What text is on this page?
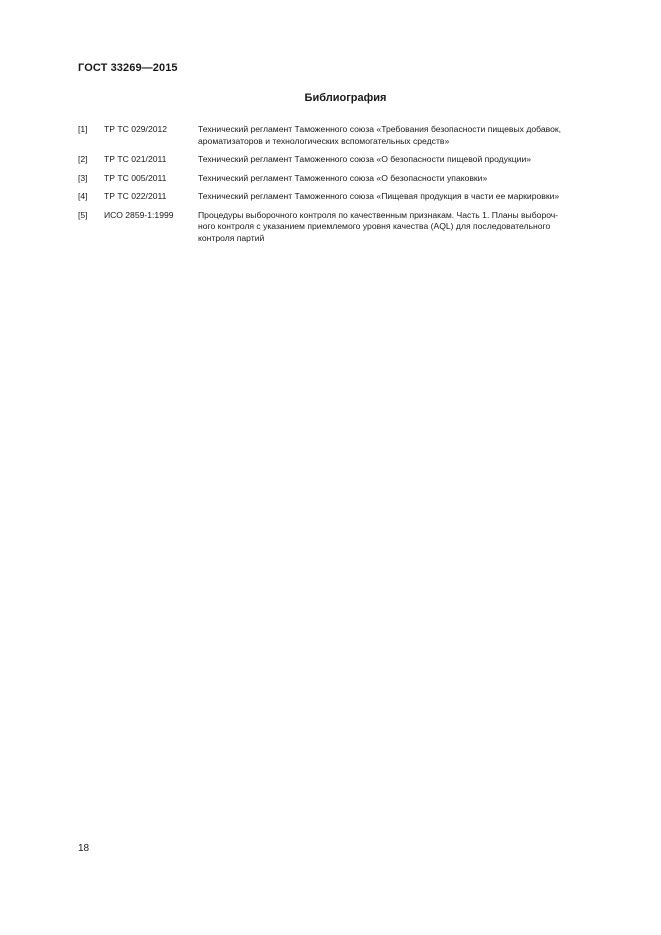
ГОСТ 33269—2015
Библиография
[1]	ТР ТС 029/2012	Технический регламент Таможенного союза «Требования безопасности пищевых добавок,
ароматизаторов и технологических вспомогательных средств»
[2]	ТР ТС 021/2011	Технический регламент Таможенного союза «О безопасности пищевой продукции»
[3]	ТР ТС 005/2011	Технический регламент Таможенного союза «О безопасности упаковки»
[4]	ТР ТС 022/2011	Технический регламент Таможенного союза «Пищевая продукция в части ее маркировки»
[5]	ИСО 2859-1:1999	Процедуры выборочного контроля по качественным признакам. Часть 1. Планы выбороч-
ного контроля с указанием приемлемого уровня качества (AQL) для последовательного
контроля партий
18
